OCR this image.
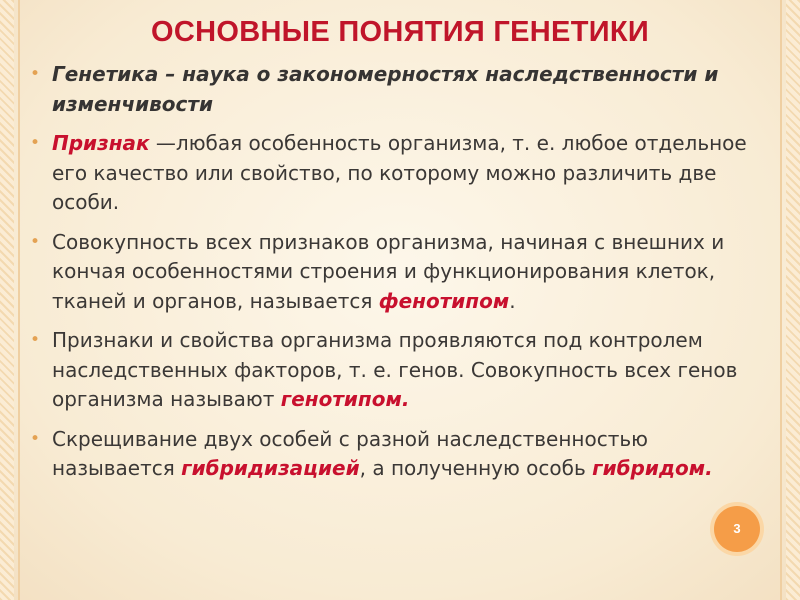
ОСНОВНЫЕ ПОНЯТИЯ ГЕНЕТИКИ
• Генетика – наука о закономерностях наследственности и изменчивости
• Признак —любая особенность организма, т. е. любое отдельное его качество или свойство, по которому можно различить две особи.
• Совокупность всех признаков организма, начиная с внешних и кончая особенностями строения и функционирования клеток, тканей и органов, называется фенотипом.
• Признаки и свойства организма проявляются под контролем наследственных факторов, т. е. генов. Совокупность всех генов организма называют генотипом.
• Скрещивание двух особей с разной наследственностью называется гибридизацией, а полученную особь гибридом.
3
